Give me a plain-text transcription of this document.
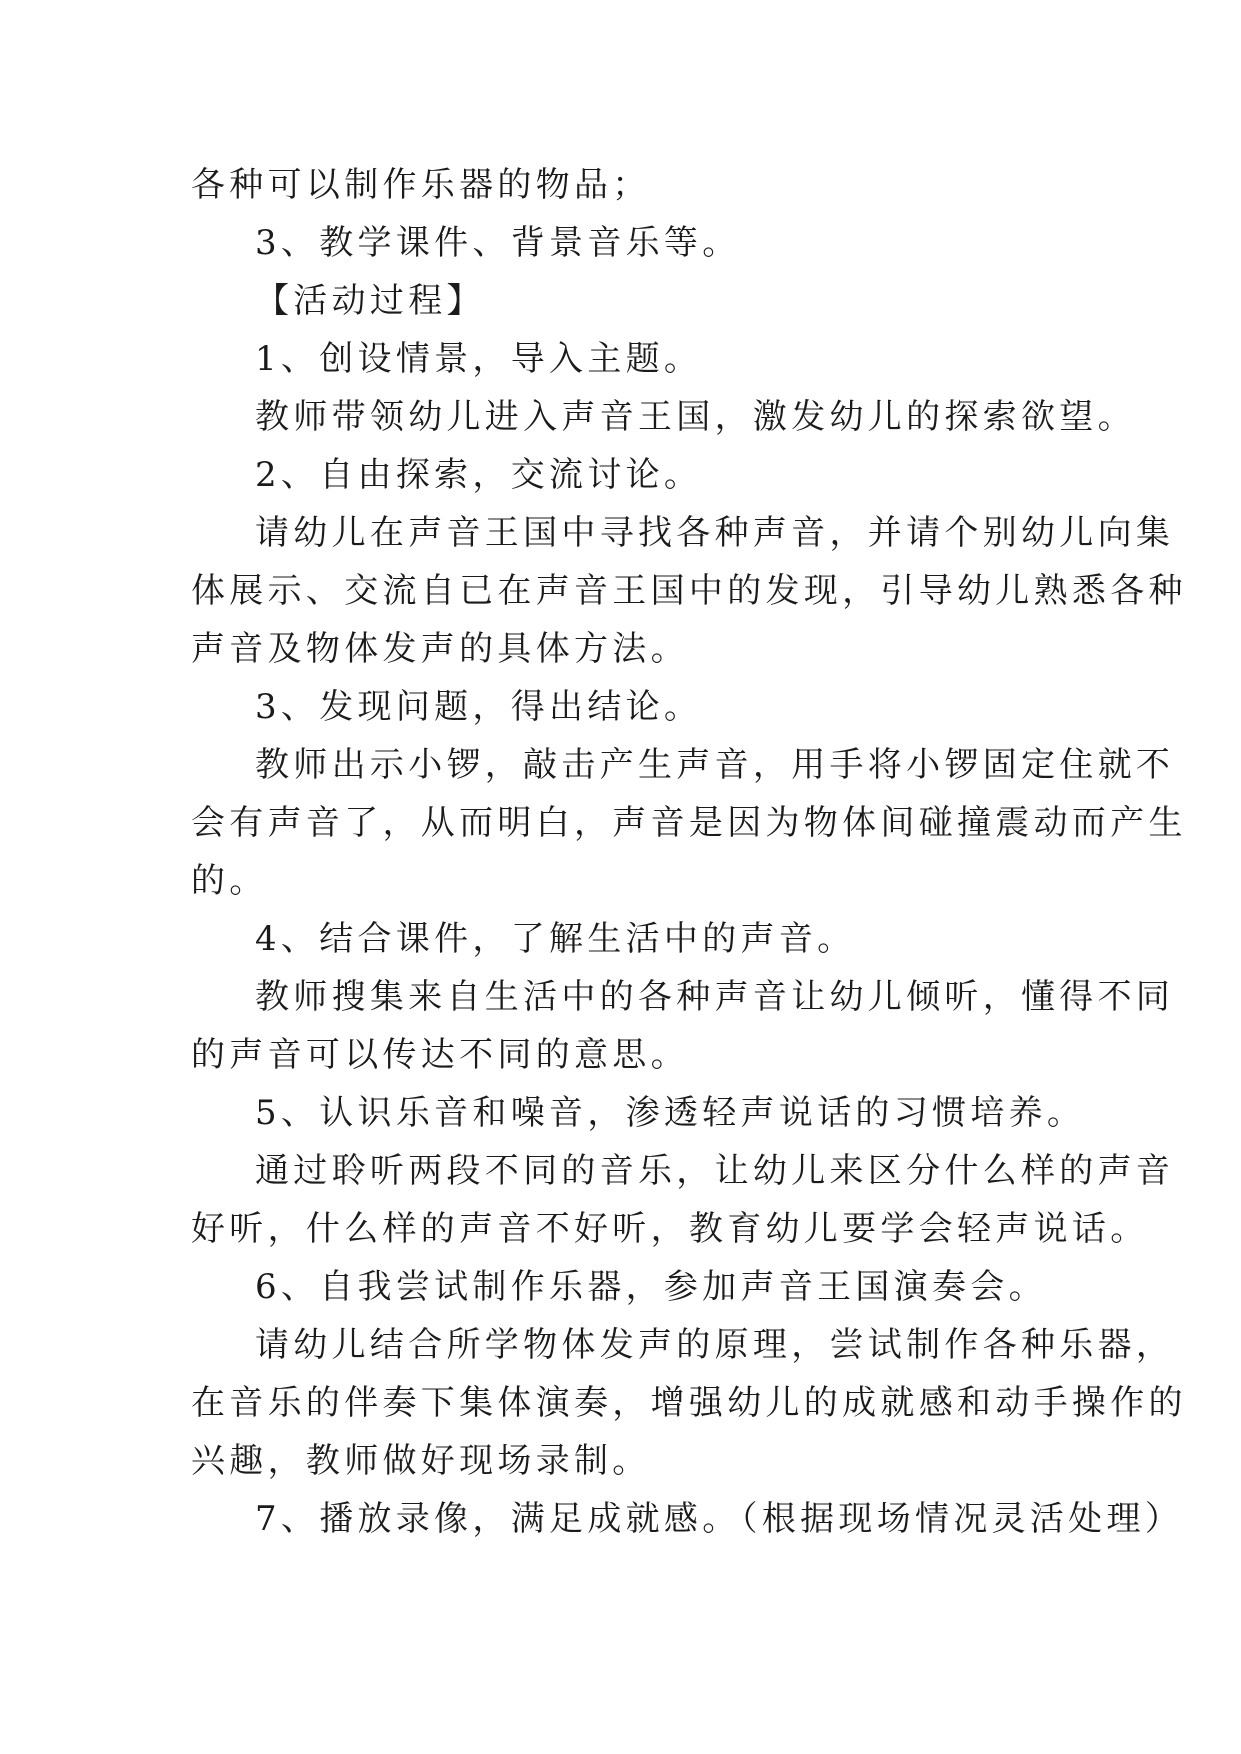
各种可以制作乐器的物品；
3、教学课件、背景音乐等。
【活动过程】
1、创设情景，导入主题。
教师带领幼儿进入声音王国，激发幼儿的探索欲望。
2、自由探索，交流讨论。
请幼儿在声音王国中寻找各种声音，并请个别幼儿向集
体展示、交流自已在声音王国中的发现，引导幼儿熟悉各种
声音及物体发声的具体方法。
3、发现问题，得出结论。
教师出示小锣，敲击产生声音，用手将小锣固定住就不
会有声音了，从而明白，声音是因为物体间碰撞震动而产生
的。
4、结合课件，了解生活中的声音。
教师搜集来自生活中的各种声音让幼儿倾听，懂得不同
的声音可以传达不同的意思。
5、认识乐音和噪音，渗透轻声说话的习惯培养。
通过聆听两段不同的音乐，让幼儿来区分什么样的声音
好听，什么样的声音不好听，教育幼儿要学会轻声说话。
6、自我尝试制作乐器，参加声音王国演奏会。
请幼儿结合所学物体发声的原理，尝试制作各种乐器，
在音乐的伴奏下集体演奏，增强幼儿的成就感和动手操作的
兴趣，教师做好现场录制。
7、播放录像，满足成就感。（根据现场情况灵活处理）
